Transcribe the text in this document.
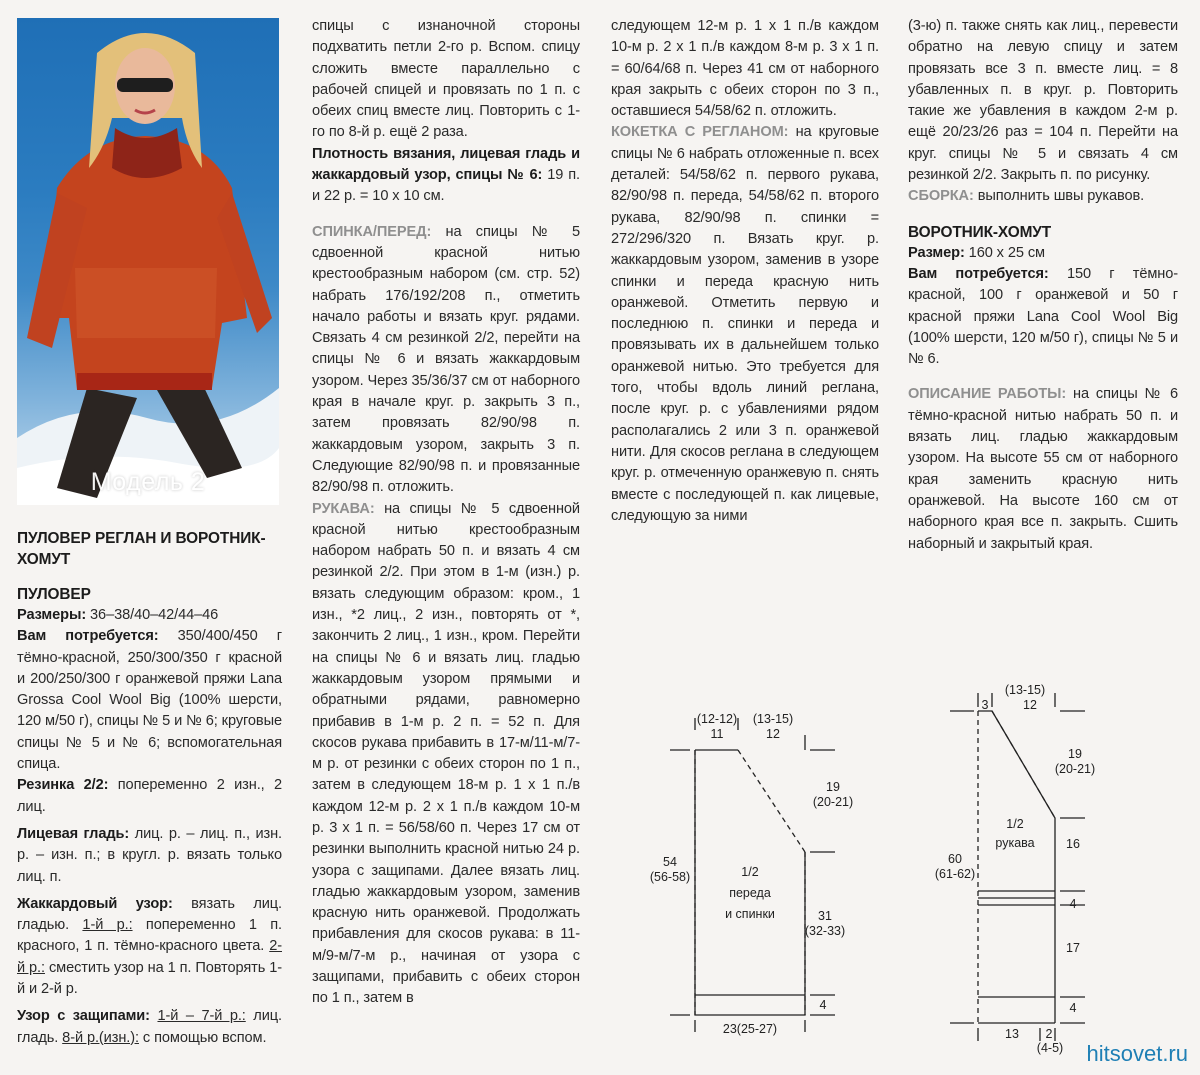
Модель 2
ПУЛОВЕР РЕГЛАН И ВОРОТНИК-
ХОМУТ
ПУЛОВЕР

Размеры: 36–38/40–42/44–46

Вам потребуется: 350/400/450 г тёмно-красной, 250/300/350 г красной и 200/250/300 г оранжевой пряжи Lana Grossa Cool Wool Big (100% шерсти, 120 м/50 г), спицы № 5 и № 6; круговые спицы № 5 и № 6; вспомогательная спица.

Резинка 2/2: попеременно 2 изн., 2 лиц.

Лицевая гладь: лиц. р. – лиц. п., изн. р. – изн. п.; в кругл. р. вязать только лиц. п.

Жаккардовый узор: вязать лиц. гладью. 1-й р.: попеременно 1 п. красного, 1 п. тёмно-красного цвета. 2-й р.: сместить узор на 1 п. Повторять 1-й и 2-й р.

Узор с защипами: 1-й – 7-й р.: лиц. гладь. 8-й р.(изн.): с помощью вспом.

спицы с изнаночной стороны подхватить петли 2-го р. Вспом. спицу сложить вместе параллельно с рабочей спицей и провязать по 1 п. с обеих спиц вместе лиц. Повторить с 1-го по 8-й р. ещё 2 раза.

Плотность вязания, лицевая гладь и жаккардовый узор, спицы № 6: 19 п. и 22 р. = 10 х 10 см.

СПИНКА/ПЕРЕД: на спицы № 5 сдвоенной красной нитью крестообразным набором (см. стр. 52) набрать 176/192/208 п., отметить начало работы и вязать круг. рядами. Связать 4 см резинкой 2/2, перейти на спицы № 6 и вязать жаккардовым узором. Через 35/36/37 см от наборного края в начале круг. р. закрыть 3 п., затем провязать 82/90/98 п. жаккардовым узором, закрыть 3 п. Следующие 82/90/98 п. и провязанные 82/90/98 п. отложить.

РУКАВА: на спицы № 5 сдвоенной красной нитью крестообразным набором набрать 50 п. и вязать 4 см резинкой 2/2. При этом в 1-м (изн.) р. вязать следующим образом: кром., 1 изн., *2 лиц., 2 изн., повторять от *, закончить 2 лиц., 1 изн., кром. Перейти на спицы № 6 и вязать лиц. гладью жаккардовым узором прямыми и обратными рядами, равномерно прибавив в 1-м р. 2 п. = 52 п. Для скосов рукава прибавить в 17-м/11-м/7-м р. от резинки с обеих сторон по 1 п., затем в следующем 18-м р. 1 х 1 п./в каждом 12-м р. 2 х 1 п./в каждом 10-м р. 3 х 1 п. = 56/58/60 п. Через 17 см от резинки выполнить красной нитью 24 р. узора с защипами. Далее вязать лиц. гладью жаккардовым узором, заменив красную нить оранжевой. Продолжать прибавления для скосов рукава: в 11-м/9-м/7-м р., начиная от узора с защипами, прибавить с обеих сторон по 1 п., затем в

следующем 12-м р. 1 х 1 п./в каждом 10-м р. 2 х 1 п./в каждом 8-м р. 3 х 1 п. = 60/64/68 п. Через 41 см от наборного края закрыть с обеих сторон по 3 п., оставшиеся 54/58/62 п. отложить.

КОКЕТКА С РЕГЛАНОМ: на круговые спицы № 6 набрать отложенные п. всех деталей: 54/58/62 п. первого рукава, 82/90/98 п. переда, 54/58/62 п. второго рукава, 82/90/98 п. спинки = 272/296/320 п. Вязать круг. р. жаккардовым узором, заменив в узоре спинки и переда красную нить оранжевой. Отметить первую и последнюю п. спинки и переда и провязывать их в дальнейшем только оранжевой нитью. Это требуется для того, чтобы вдоль линий реглана, после круг. р. с убавлениями рядом располагались 2 или 3 п. оранжевой нити. Для скосов реглана в следующем круг. р. отмеченную оранжевую п. снять вместе с последующей п. как лицевые, следующую за ними

(3-ю) п. также снять как лиц., перевести обратно на левую спицу и затем провязать все 3 п. вместе лиц. = 8 убавленных п. в круг. р. Повторить такие же убавления в каждом 2-м р. ещё 20/23/26 раз = 104 п. Перейти на круг. спицы № 5 и связать 4 см резинкой 2/2. Закрыть п. по рисунку.

СБОРКА: выполнить швы рукавов.

ВОРОТНИК-ХОМУТ

Размер: 160 х 25 см

Вам потребуется: 150 г тёмно-красной, 100 г оранжевой и 50 г красной пряжи Lana Cool Wool Big (100% шерсти, 120 м/50 г), спицы № 5 и № 6.

ОПИСАНИЕ РАБОТЫ: на спицы № 6 тёмно-красной нитью набрать 50 п. и вязать лиц. гладью жаккардовым узором. На высоте 55 см от наборного края заменить красную нить оранжевой. На высоте 160 см от наборного края все п. закрыть. Сшить наборный и закрытый края.

(12-12)
11
(13-15)
12
19
(20-21)
54
(56-58)	1/2
переда
и спинки	31
(32-33)
4
23(25-27)
(13-15)
12
3
19
(20-21)
60
(61-62)
1/2
рукава	16
4
17
4
13	2
(4-5)	hitsovet.ru
